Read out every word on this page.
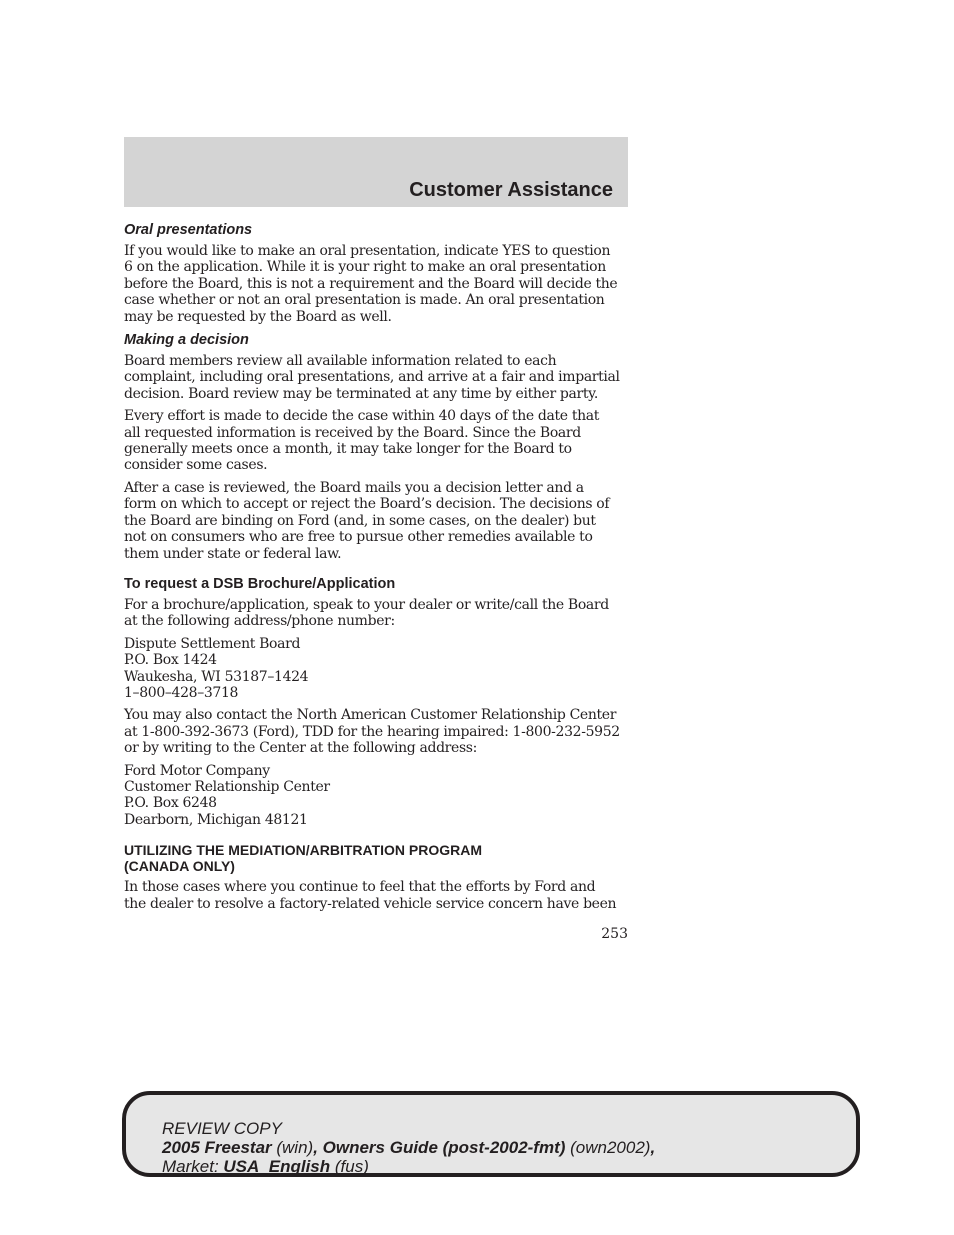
Customer Assistance
Oral presentations
If you would like to make an oral presentation, indicate YES to question
6 on the application. While it is your right to make an oral presentation
before the Board, this is not a requirement and the Board will decide the
case whether or not an oral presentation is made. An oral presentation
may be requested by the Board as well.
Making a decision
Board members review all available information related to each
complaint, including oral presentations, and arrive at a fair and impartial
decision. Board review may be terminated at any time by either party.
Every effort is made to decide the case within 40 days of the date that
all requested information is received by the Board. Since the Board
generally meets once a month, it may take longer for the Board to
consider some cases.
After a case is reviewed, the Board mails you a decision letter and a
form on which to accept or reject the Board’s decision. The decisions of
the Board are binding on Ford (and, in some cases, on the dealer) but
not on consumers who are free to pursue other remedies available to
them under state or federal law.
To request a DSB Brochure/Application
For a brochure/application, speak to your dealer or write/call the Board
at the following address/phone number:
Dispute Settlement Board
P.O. Box 1424
Waukesha, WI 53187–1424
1–800–428–3718
You may also contact the North American Customer Relationship Center
at 1-800-392-3673 (Ford), TDD for the hearing impaired: 1-800-232-5952
or by writing to the Center at the following address:
Ford Motor Company
Customer Relationship Center
P.O. Box 6248
Dearborn, Michigan 48121
UTILIZING THE MEDIATION/ARBITRATION PROGRAM
(CANADA ONLY)
In those cases where you continue to feel that the efforts by Ford and
the dealer to resolve a factory-related vehicle service concern have been
253
REVIEW COPY
2005 Freestar (win), Owners Guide (post-2002-fmt) (own2002),
Market: USA_English (fus)
